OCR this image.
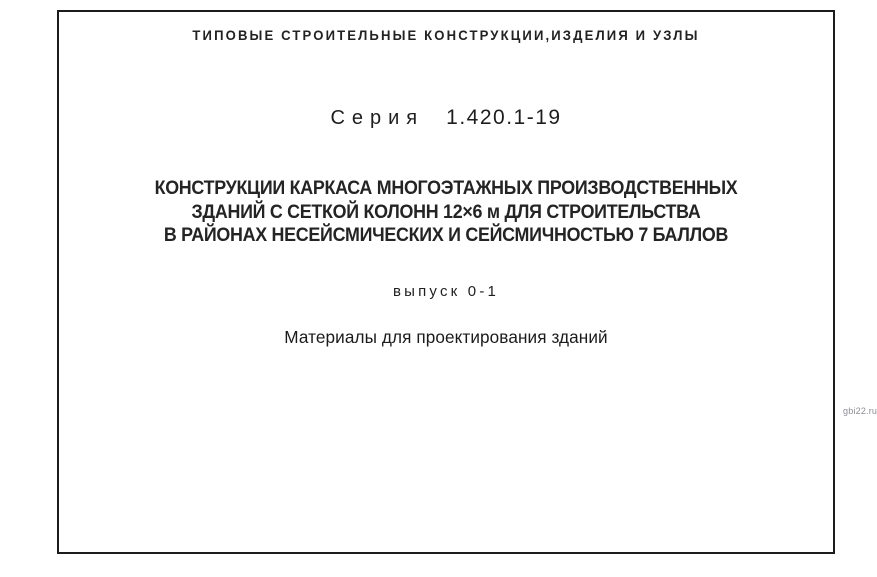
ТИПОВЫЕ СТРОИТЕЛЬНЫЕ КОНСТРУКЦИИ,ИЗДЕЛИЯ И УЗЛЫ
Серия 1.420.1-19
КОНСТРУКЦИИ КАРКАСА МНОГОЭТАЖНЫХ ПРОИЗВОДСТВЕННЫХ
ЗДАНИЙ С СЕТКОЙ КОЛОНН 12×6 м ДЛЯ СТРОИТЕЛЬСТВА
В РАЙОНАХ НЕСЕЙСМИЧЕСКИХ И СЕЙСМИЧНОСТЬЮ 7 БАЛЛОВ
выпуск 0-1
Материалы для проектирования зданий
gbi22.ru
